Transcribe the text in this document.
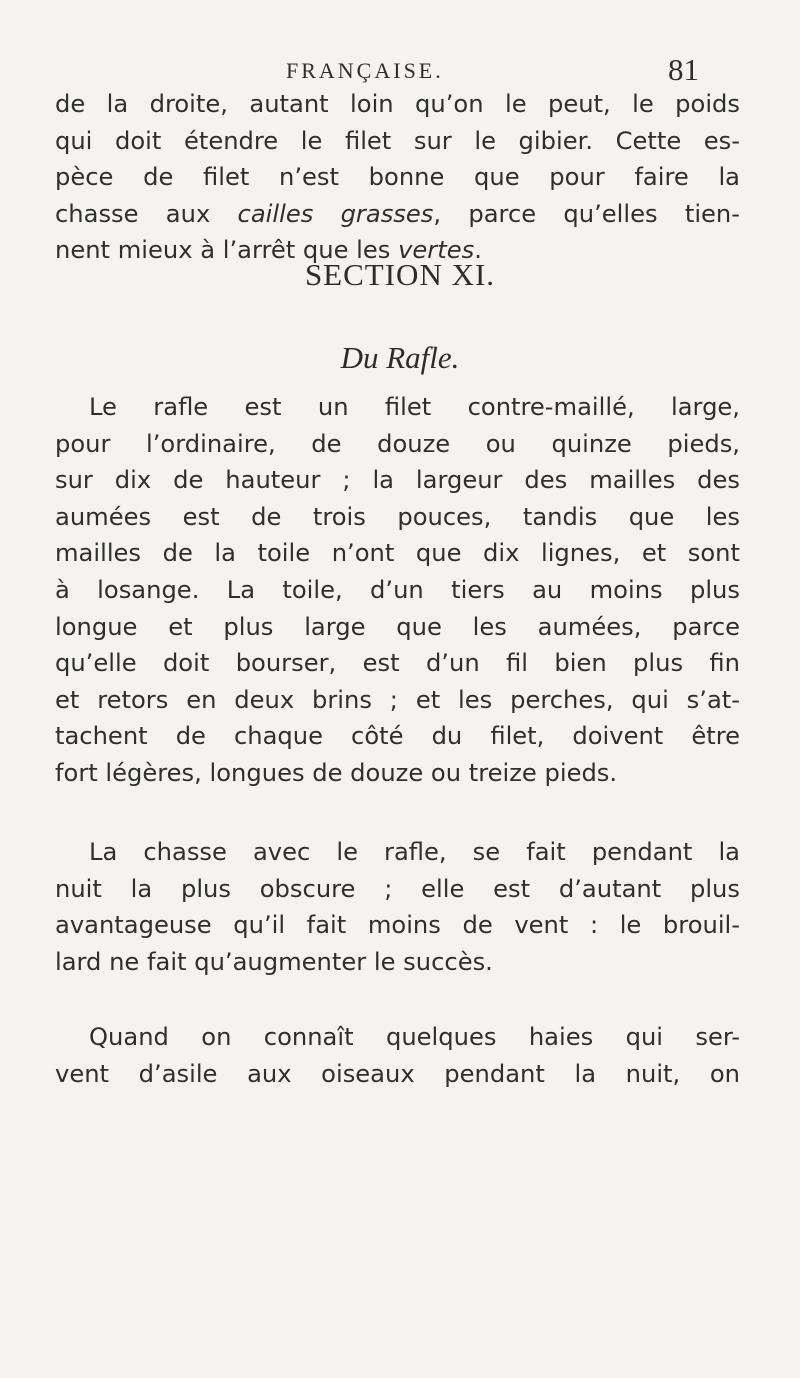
FRANÇAISE.	81
de la droite, autant loin qu’on le peut, le poids
qui doit étendre le filet sur le gibier. Cette es-
pèce de filet n’est bonne que pour faire la
chasse aux cailles grasses, parce qu’elles tien-
nent mieux à l’arrêt que les vertes.
SECTION XI.
Du Rafle.
Le rafle est un filet contre-maillé, large,
pour l’ordinaire, de douze ou quinze pieds,
sur dix de hauteur ; la largeur des mailles des
aumées est de trois pouces, tandis que les
mailles de la toile n’ont que dix lignes, et sont
à losange. La toile, d’un tiers au moins plus
longue et plus large que les aumées, parce
qu’elle doit bourser, est d’un fil bien plus fin
et retors en deux brins ; et les perches, qui s’at-
tachent de chaque côté du filet, doivent être
fort légères, longues de douze ou treize pieds.
La chasse avec le rafle, se fait pendant la
nuit la plus obscure ; elle est d’autant plus
avantageuse qu’il fait moins de vent : le brouil-
lard ne fait qu’augmenter le succès.
Quand on connaît quelques haies qui ser-
vent d’asile aux oiseaux pendant la nuit, on
